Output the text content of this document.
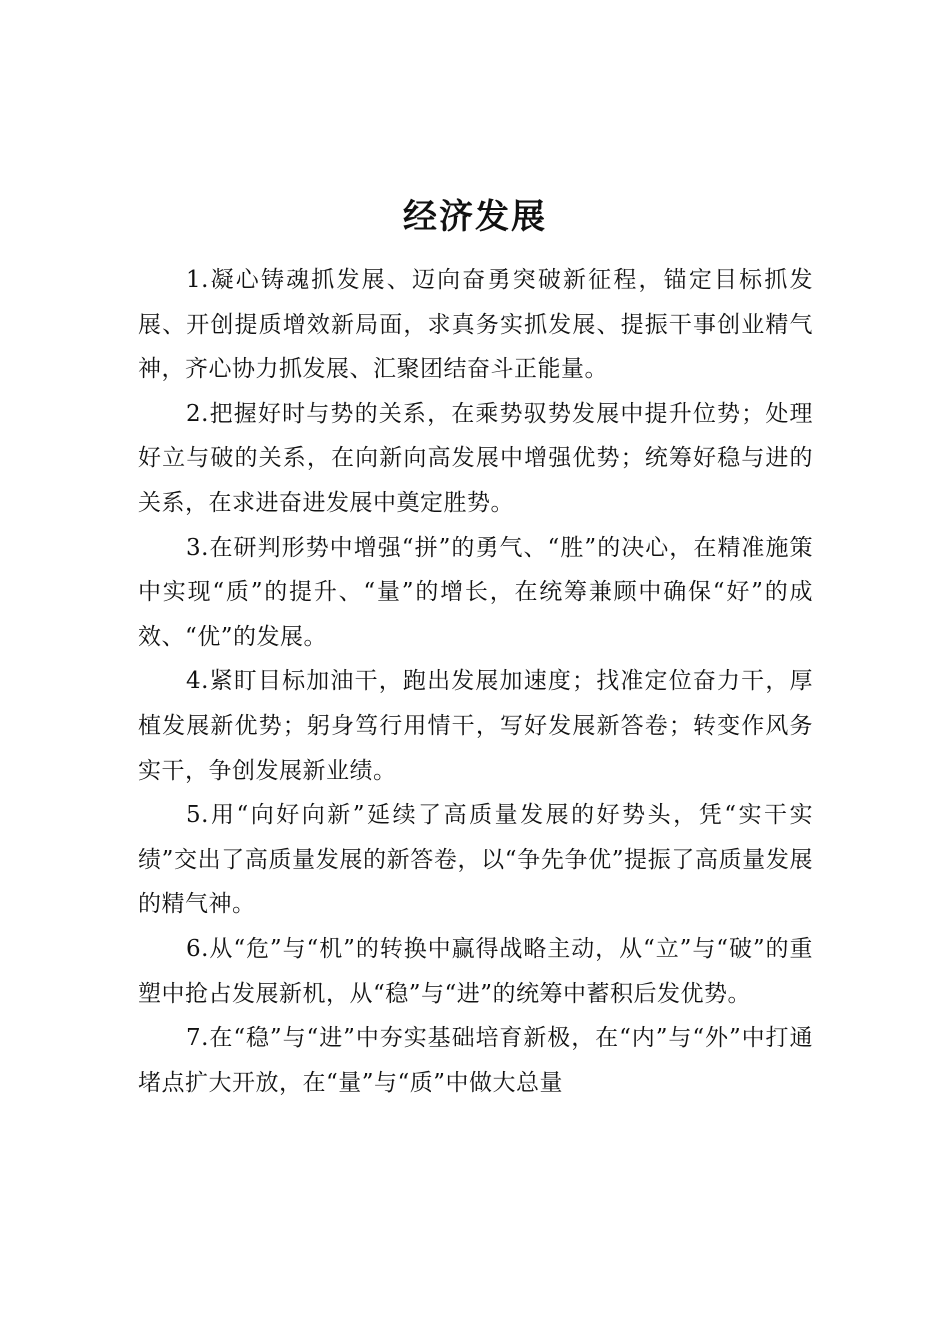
经济发展

1.凝心铸魂抓发展、迈向奋勇突破新征程，锚定目标抓发展、开创提质增效新局面，求真务实抓发展、提振干事创业精气神，齐心协力抓发展、汇聚团结奋斗正能量。

2.把握好时与势的关系，在乘势驭势发展中提升位势；处理好立与破的关系，在向新向高发展中增强优势；统筹好稳与进的关系，在求进奋进发展中奠定胜势。

3.在研判形势中增强“拼”的勇气、“胜”的决心，在精准施策中实现“质”的提升、“量”的增长，在统筹兼顾中确保“好”的成效、“优”的发展。

4.紧盯目标加油干，跑出发展加速度；找准定位奋力干，厚植发展新优势；躬身笃行用情干，写好发展新答卷；转变作风务实干，争创发展新业绩。

5.用“向好向新”延续了高质量发展的好势头，凭“实干实绩”交出了高质量发展的新答卷，以“争先争优”提振了高质量发展的精气神。

6.从“危”与“机”的转换中赢得战略主动，从“立”与“破”的重塑中抢占发展新机，从“稳”与“进”的统筹中蓄积后发优势。

7.在“稳”与“进”中夯实基础培育新极，在“内”与“外”中打通堵点扩大开放，在“量”与“质”中做大总量
